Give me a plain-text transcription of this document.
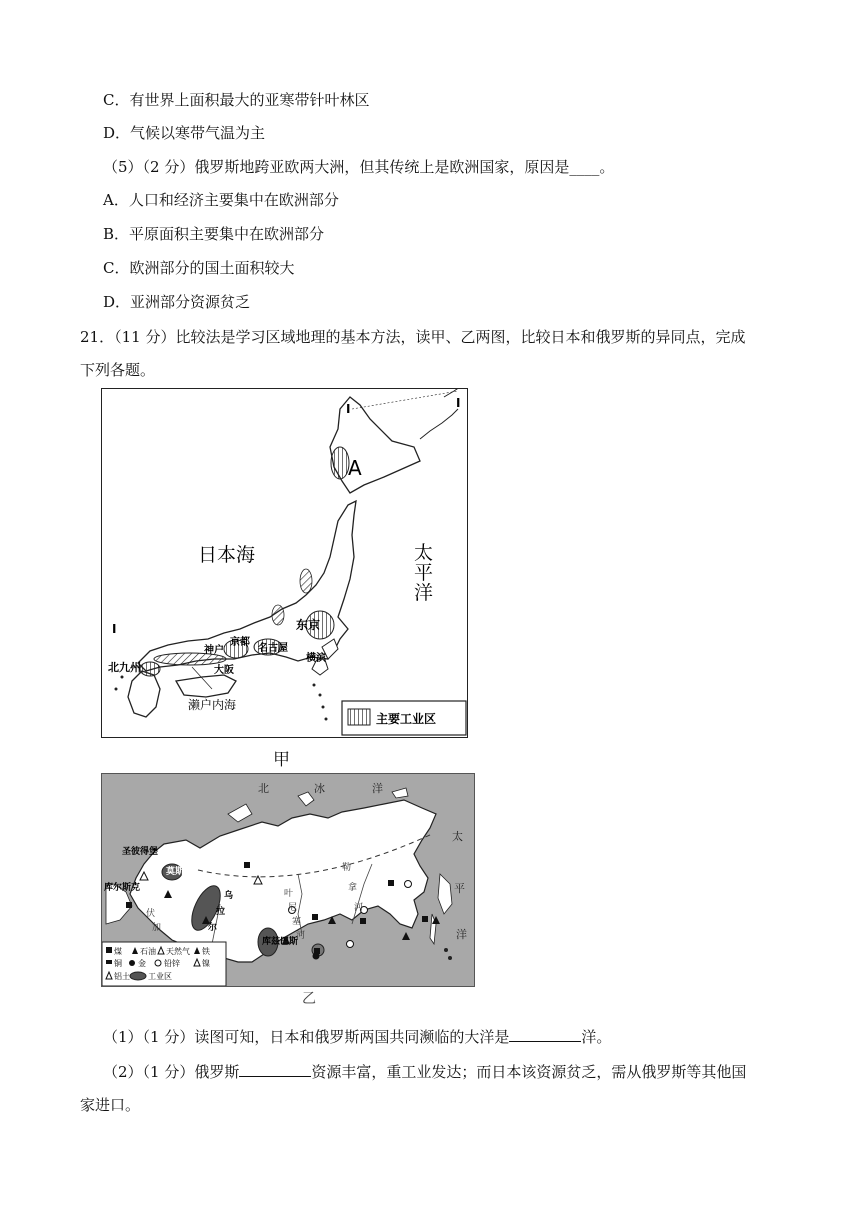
C．有世界上面积最大的亚寒带针叶林区
D．气候以寒带气温为主
（5）（2 分）俄罗斯地跨亚欧两大洲，但其传统上是欧洲国家，原因是____。
A．人口和经济主要集中在欧洲部分
B．平原面积主要集中在欧洲部分
C．欧洲部分的国土面积较大
D．亚洲部分资源贫乏
21．（11 分）比较法是学习区域地理的基本方法，读甲、乙两图，比较日本和俄罗斯的异同点，完成
下列各题。
I	I
I
A
日本海	太
平
洋
东京
京都
神户	名古屋
大阪
横滨
北九州
濑户内海
主要工业区
甲
北	冰	洋
太
平
洋
圣彼得堡
莫斯科
库尔斯克
乌
拉
尔
库兹巴斯
勒
拿
河
叶
尼
塞
河
伏
加
煤 石油 天然气 铁
铜 金 铅锌	镍
铝土 工业区
乙
（1）（1 分）读图可知，日本和俄罗斯两国共同濒临的大洋是	洋。
（2）（1 分）俄罗斯	资源丰富，重工业发达；而日本该资源贫乏，需从俄罗斯等其他国
家进口。
